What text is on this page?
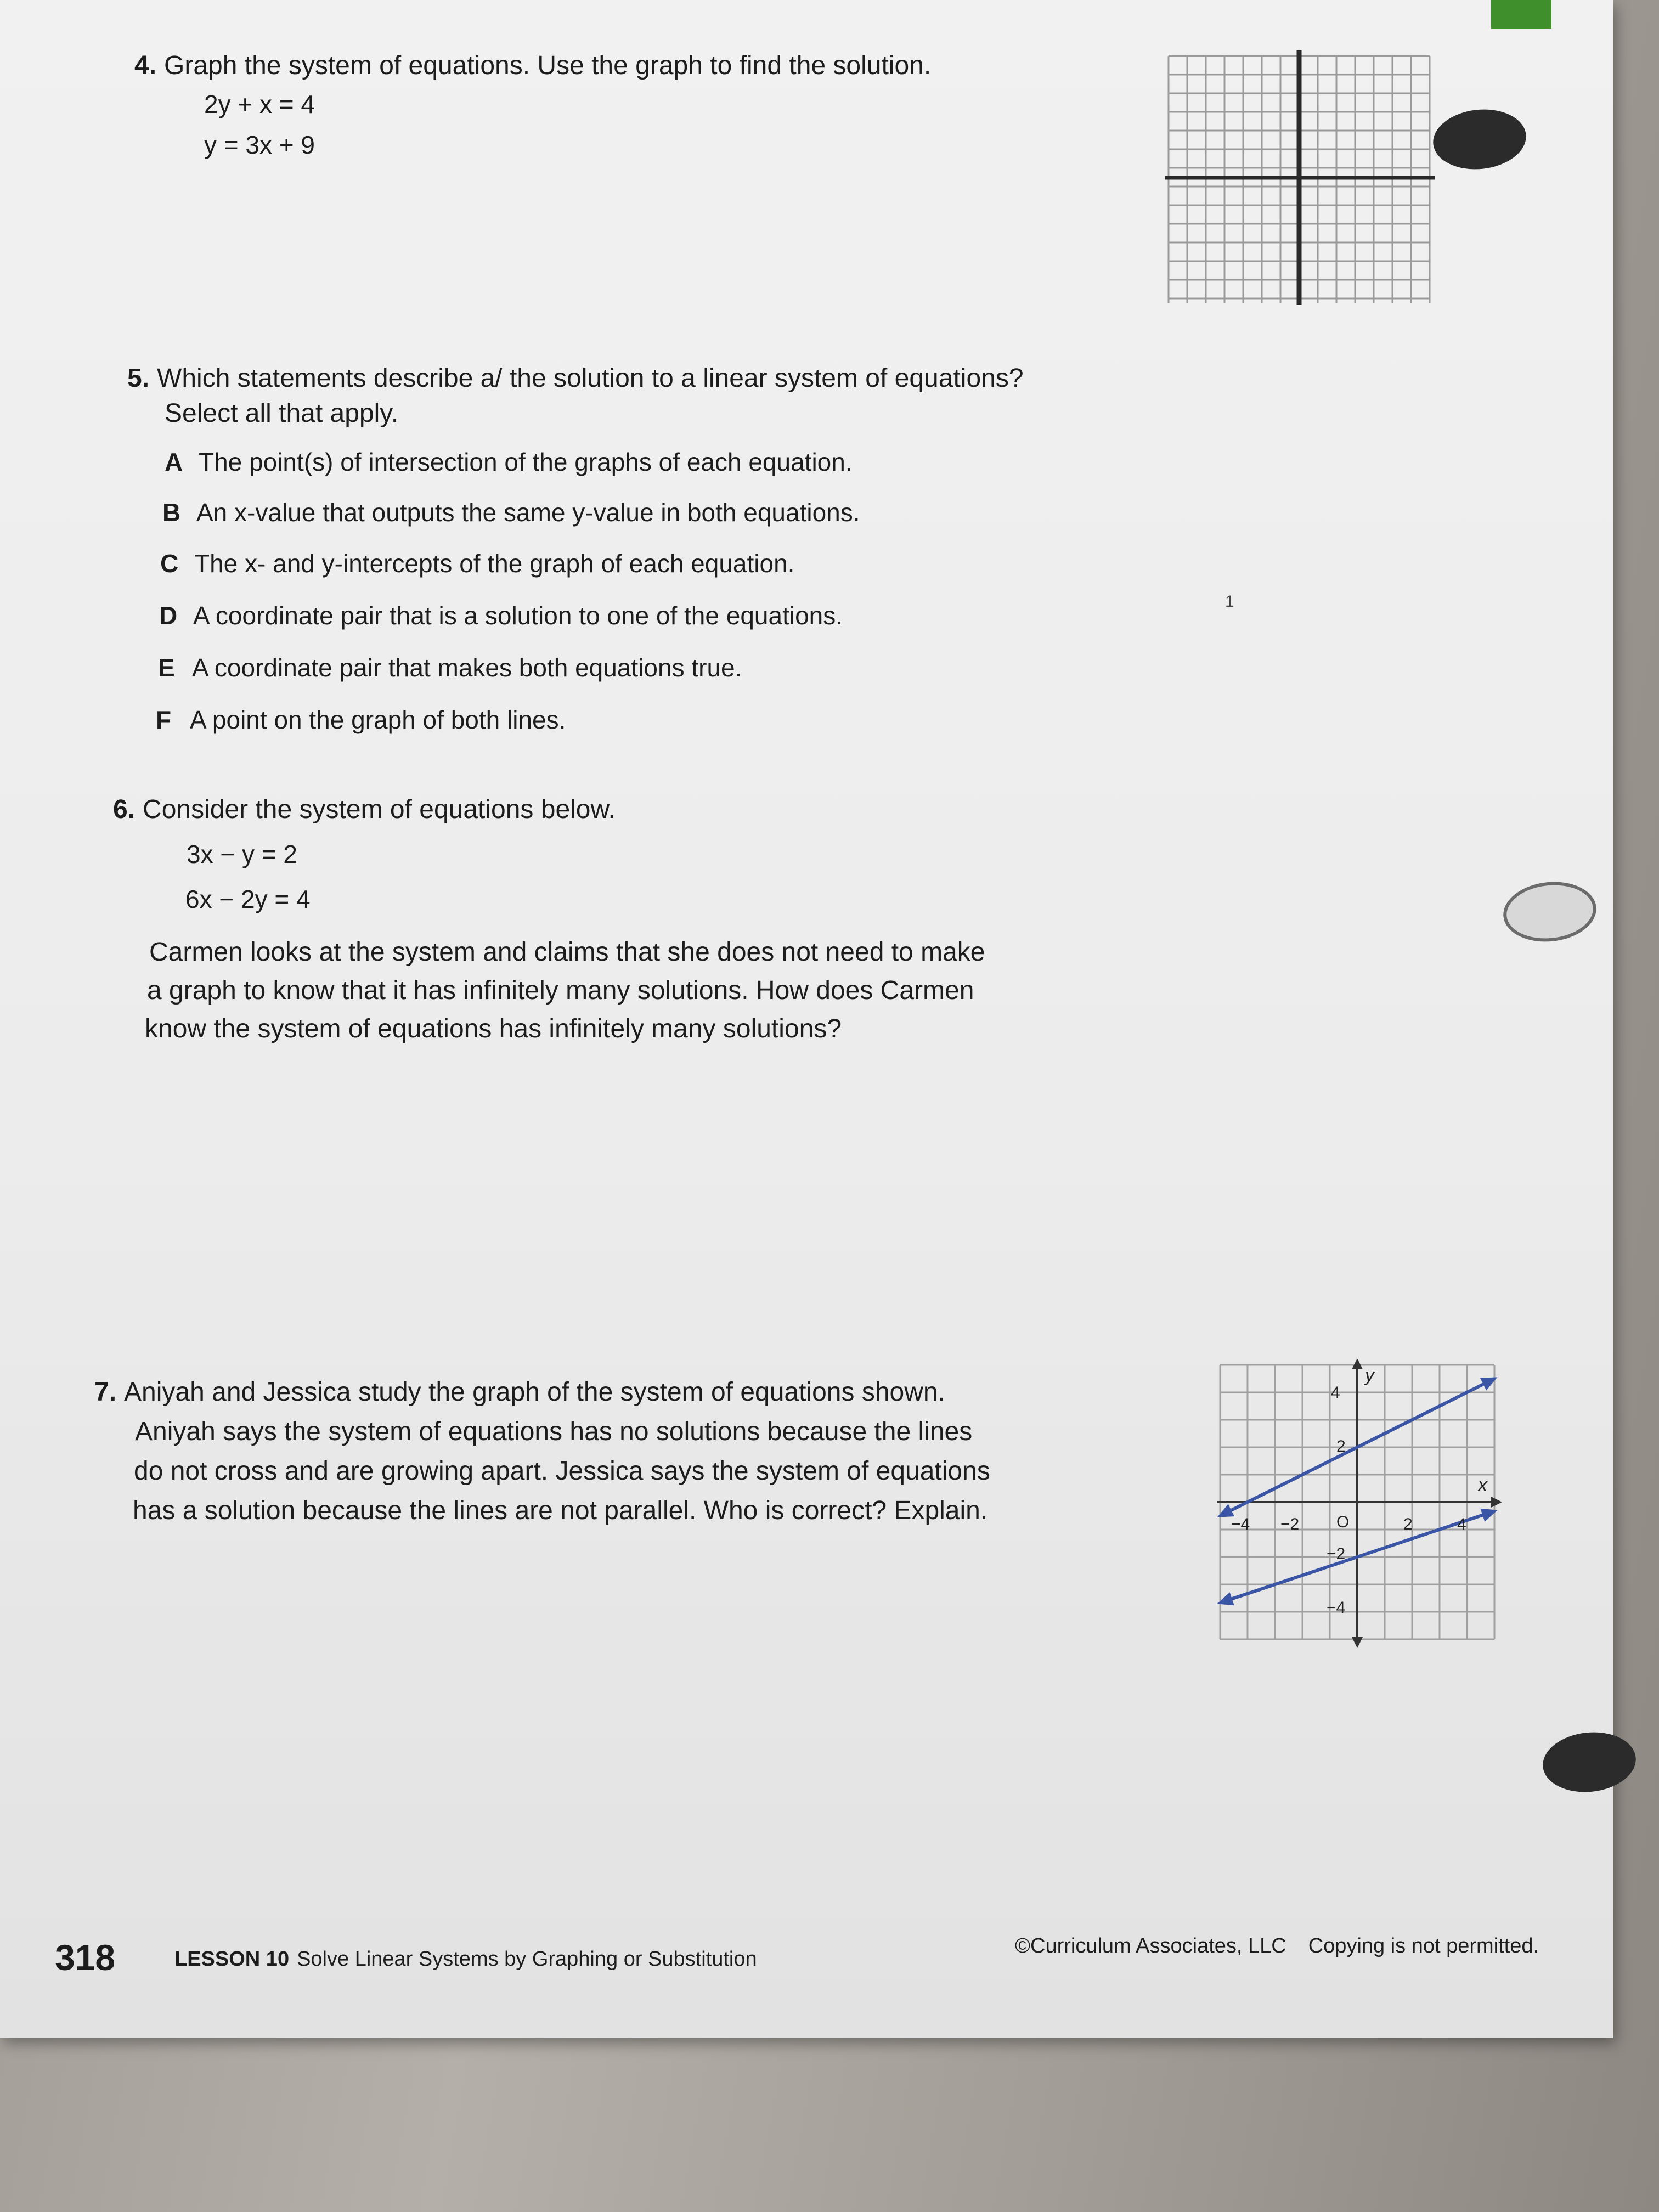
4. Graph the system of equations. Use the graph to find the solution.
2y + x = 4
y = 3x + 9
5. Which statements describe a/ the solution to a linear system of equations?
Select all that apply.
A The point(s) of intersection of the graphs of each equation.
B An x-value that outputs the same y-value in both equations.
C The x- and y-intercepts of the graph of each equation.
D A coordinate pair that is a solution to one of the equations.
E A coordinate pair that makes both equations true.
F A point on the graph of both lines.
1
6. Consider the system of equations below.
3x − y = 2
6x − 2y = 4
Carmen looks at the system and claims that she does not need to make
a graph to know that it has infinitely many solutions. How does Carmen
know the system of equations has infinitely many solutions?
7. Aniyah and Jessica study the graph of the system of equations shown.
Aniyah says the system of equations has no solutions because the lines
do not cross and are growing apart. Jessica says the system of equations
has a solution because the lines are not parallel. Who is correct? Explain.
x
y
−4 −2 O	2	4
4
2
−2
−4
318	LESSON 10 Solve Linear Systems by Graphing or Substitution
©Curriculum Associates, LLC Copying is not permitted.
